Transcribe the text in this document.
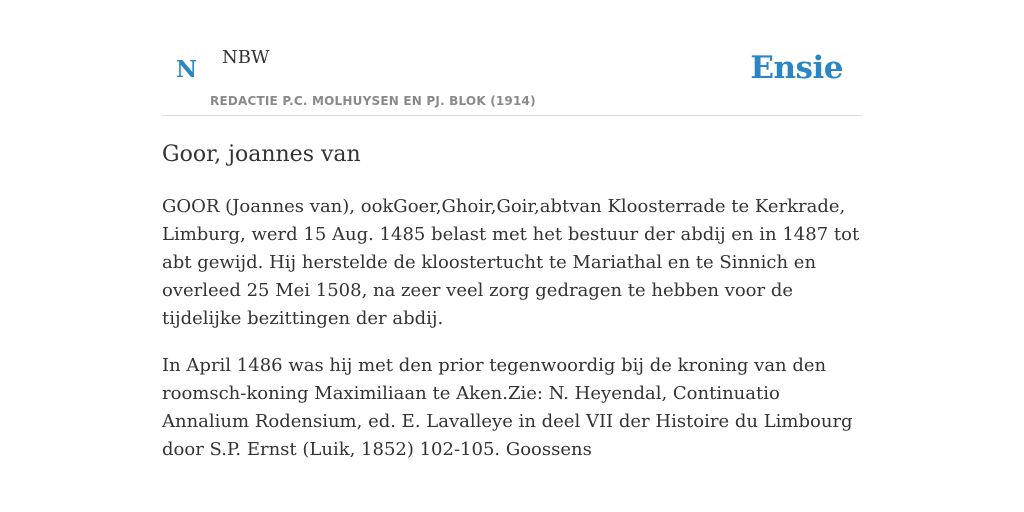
N NBW
REDACTIE P.C. MOLHUYSEN EN PJ. BLOK (1914)
Ensie
Goor, joannes van

GOOR (Joannes van), ookGoer,Ghoir,Goir,abtvan Kloosterrade te Kerkrade, Limburg, werd 15 Aug. 1485 belast met het bestuur der abdij en in 1487 tot abt gewijd. Hij herstelde de kloostertucht te Mariathal en te Sinnich en overleed 25 Mei 1508, na zeer veel zorg gedragen te hebben voor de tijdelijke bezittingen der abdij.

In April 1486 was hij met den prior tegenwoordig bij de kroning van den roomsch-koning Maximiliaan te Aken.Zie: N. Heyendal, Continuatio Annalium Rodensium, ed. E. Lavalleye in deel VII der Histoire du Limbourg door S.P. Ernst (Luik, 1852) 102-105. Goossens
